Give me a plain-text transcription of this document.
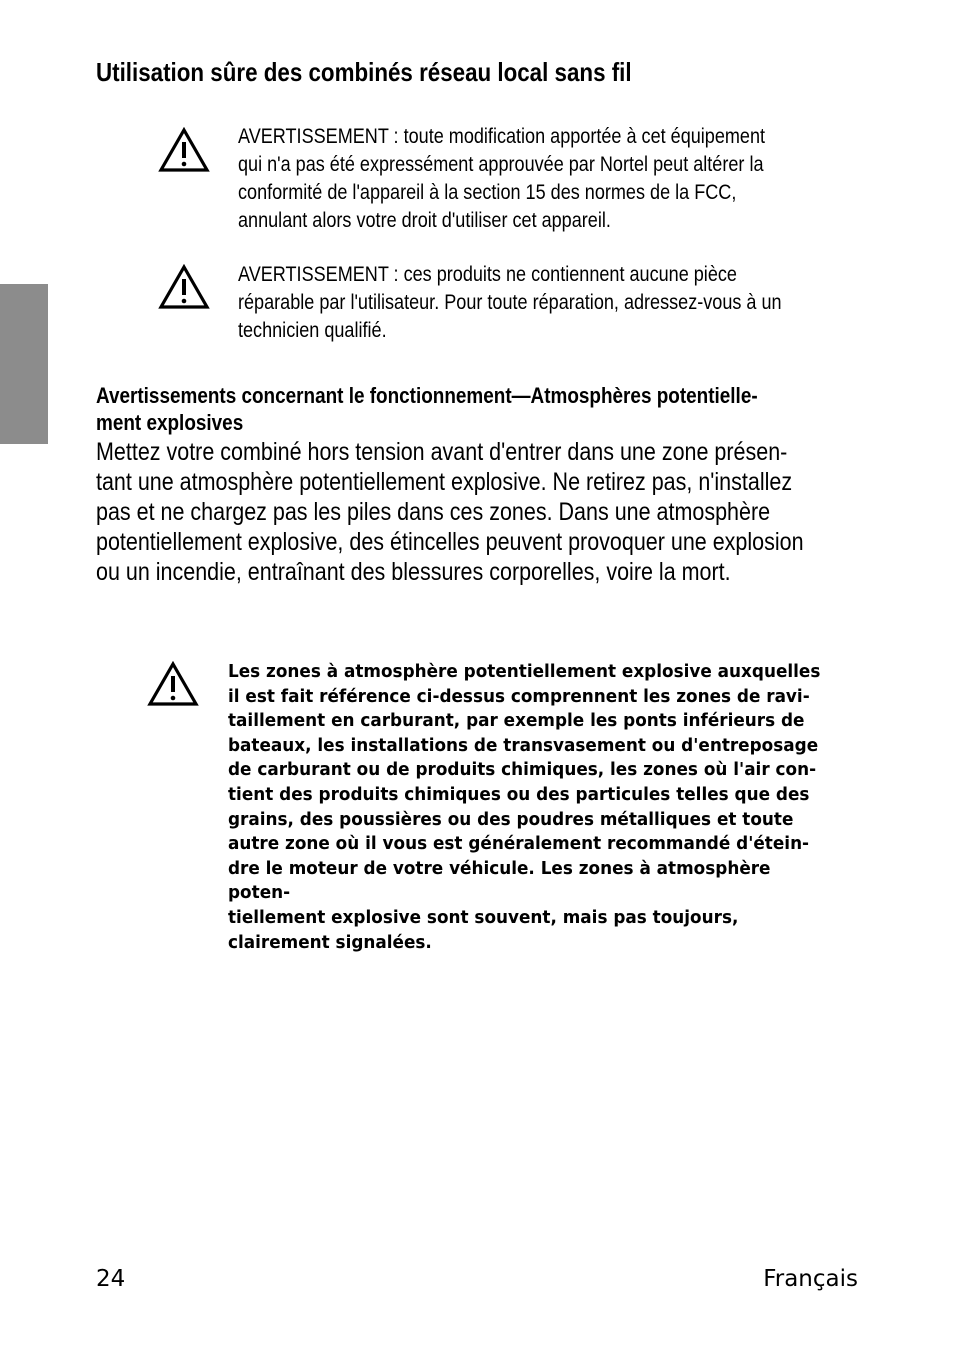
Utilisation sûre des combinés réseau local sans fil

AVERTISSEMENT : toute modification apportée à cet équipement
qui n'a pas été expressément approuvée par Nortel peut altérer la
conformité de l'appareil à la section 15 des normes de la FCC,
annulant alors votre droit d'utiliser cet appareil.

AVERTISSEMENT : ces produits ne contiennent aucune pièce
réparable par l'utilisateur. Pour toute réparation, adressez-vous à un
technicien qualifié.

Avertissements concernant le fonctionnement—Atmosphères potentielle-
ment explosives

Mettez votre combiné hors tension avant d'entrer dans une zone présen-
tant une atmosphère potentiellement explosive. Ne retirez pas, n'installez
pas et ne chargez pas les piles dans ces zones. Dans une atmosphère
potentiellement explosive, des étincelles peuvent provoquer une explosion
ou un incendie, entraînant des blessures corporelles, voire la mort.

Les zones à atmosphère potentiellement explosive auxquelles
il est fait référence ci-dessus comprennent les zones de ravi-
taillement en carburant, par exemple les ponts inférieurs de
bateaux, les installations de transvasement ou d'entreposage
de carburant ou de produits chimiques, les zones où l'air con-
tient des produits chimiques ou des particules telles que des
grains, des poussières ou des poudres métalliques et toute
autre zone où il vous est généralement recommandé d'étein-
dre le moteur de votre véhicule. Les zones à atmosphère poten-
tiellement explosive sont souvent, mais pas toujours,
clairement signalées.

24	Français
